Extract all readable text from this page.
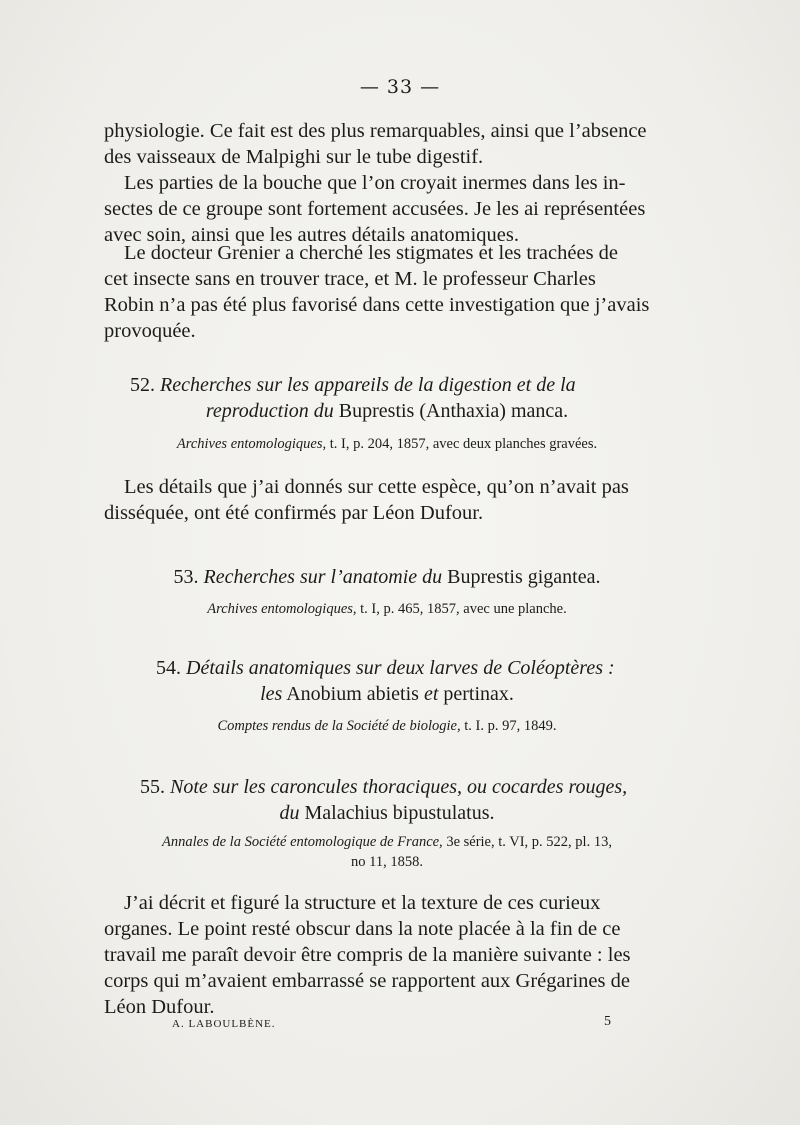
— 33 —

physiologie. Ce fait est des plus remarquables, ainsi que l’absence

des vaisseaux de Malpighi sur le tube digestif.

Les parties de la bouche que l’on croyait inermes dans les in-

sectes de ce groupe sont fortement accusées. Je les ai représentées

avec soin, ainsi que les autres détails anatomiques.

Le docteur Grenier a cherché les stigmates et les trachées de

cet insecte sans en trouver trace, et M. le professeur Charles

Robin n’a pas été plus favorisé dans cette investigation que j’avais

provoquée.

52. Recherches sur les appareils de la digestion et de la
reproduction du Buprestis (Anthaxia) manca.
Archives entomologiques, t. I, p. 204, 1857, avec deux planches gravées.

Les détails que j’ai donnés sur cette espèce, qu’on n’avait pas

disséquée, ont été confirmés par Léon Dufour.

53. Recherches sur l’anatomie du Buprestis gigantea.
Archives entomologiques, t. I, p. 465, 1857, avec une planche.
54. Détails anatomiques sur deux larves de Coléoptères :
les Anobium abietis et pertinax.
Comptes rendus de la Société de biologie, t. I. p. 97, 1849.
55. Note sur les caroncules thoraciques, ou cocardes rouges,
du Malachius bipustulatus.
Annales de la Société entomologique de France, 3e série, t. VI, p. 522, pl. 13,
no 11, 1858.

J’ai décrit et figuré la structure et la texture de ces curieux

organes. Le point resté obscur dans la note placée à la fin de ce

travail me paraît devoir être compris de la manière suivante : les

corps qui m’avaient embarrassé se rapportent aux Grégarines de

Léon Dufour.

A. LABOULBÈNE.	5
